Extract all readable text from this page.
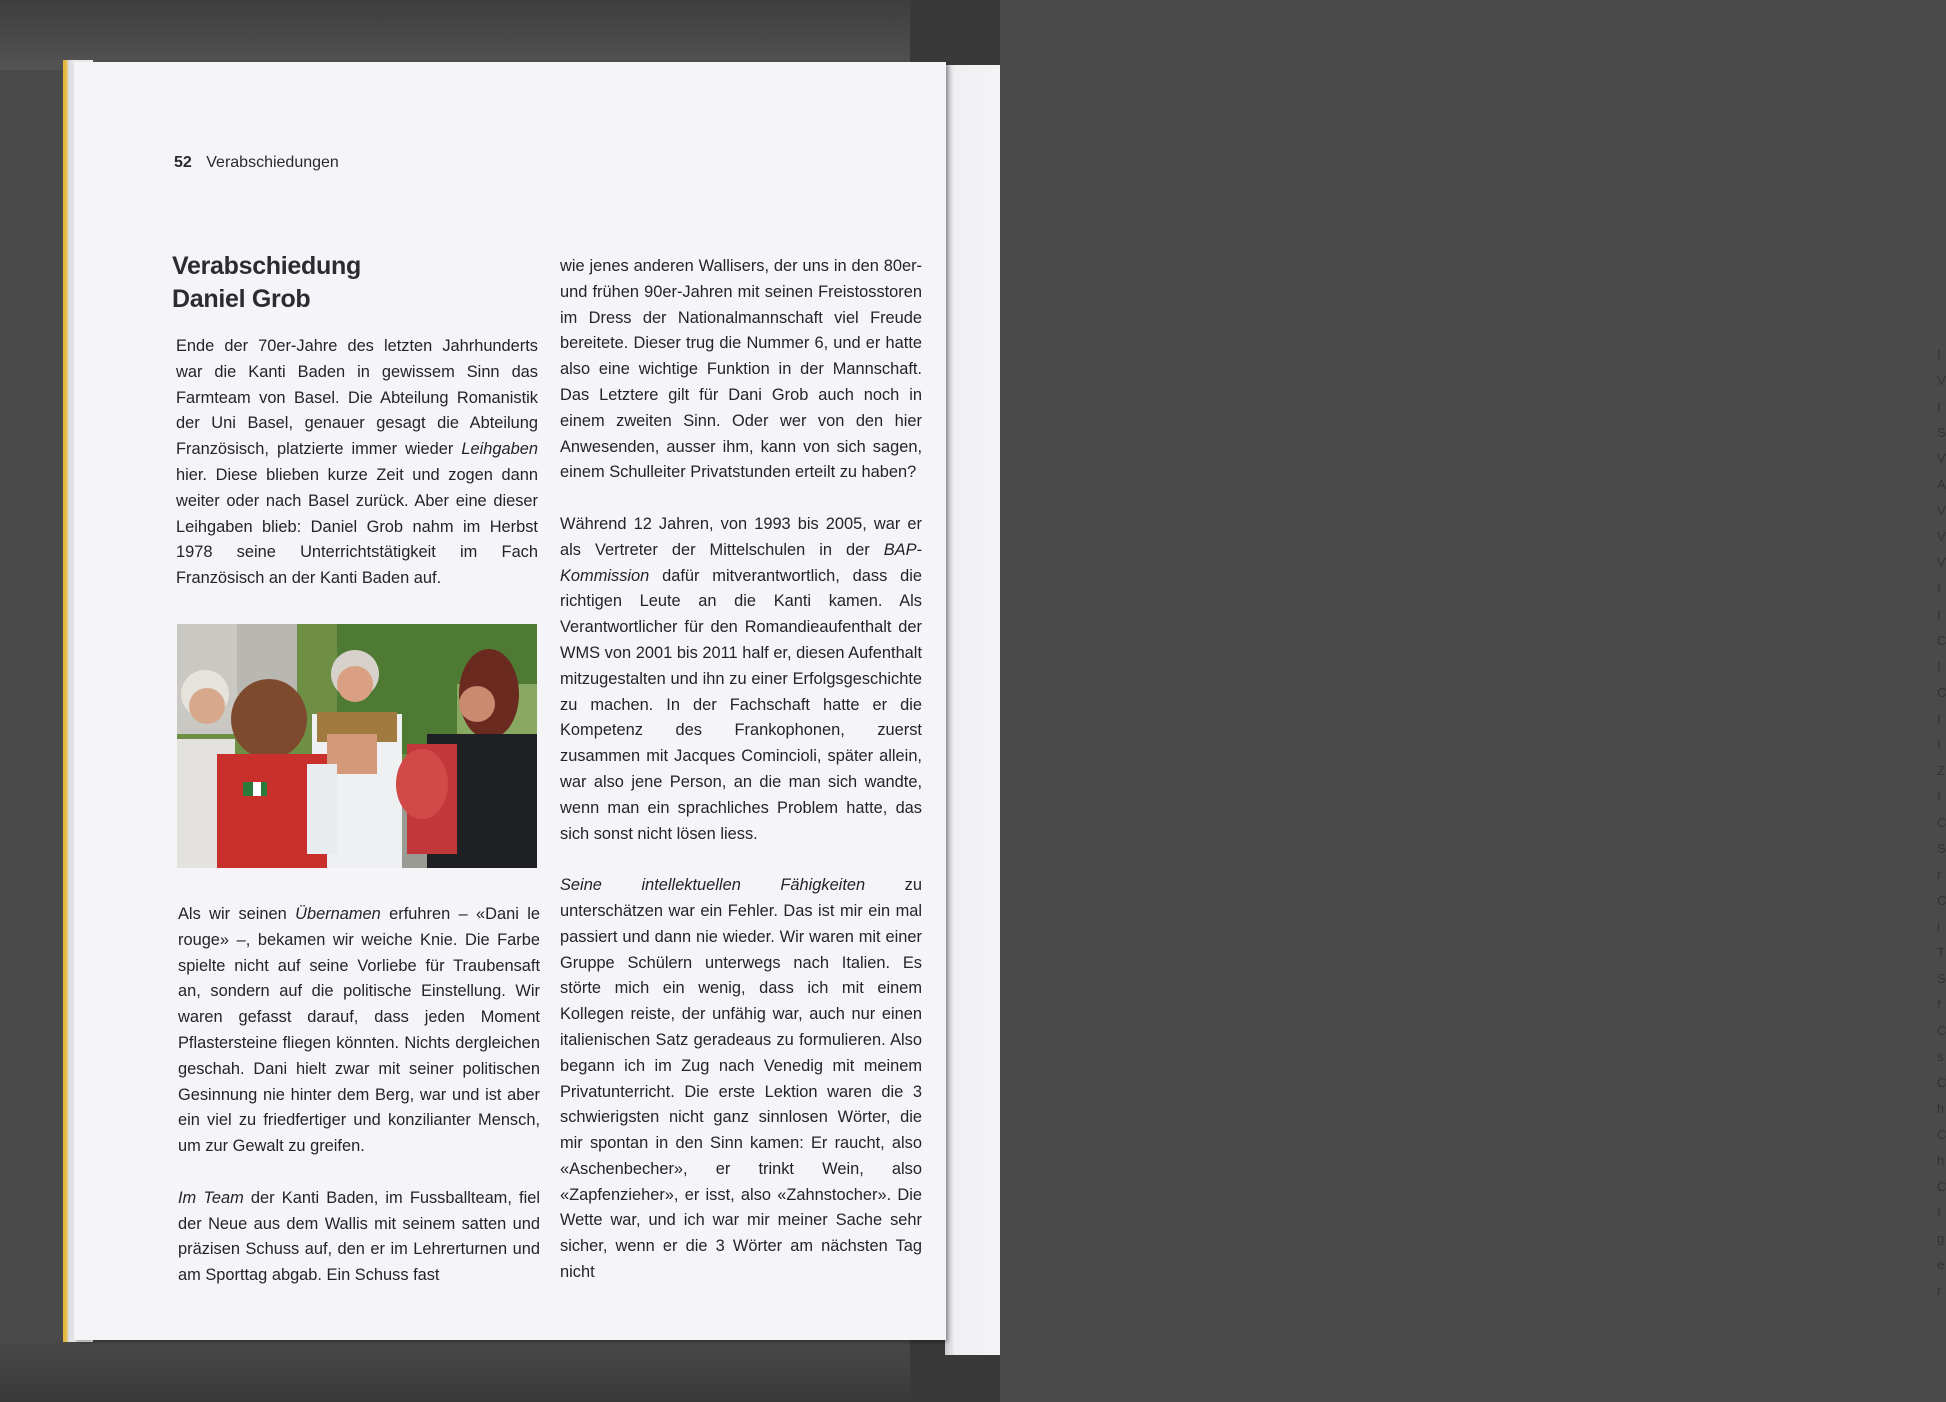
I
V
I
S
V
A
V
V
V
I
I
C
I
C
I
I
Z
I
C
S
r
C
i
T
S
f
C
s
C
h
C
h
C
I
g
e
r
52 Verabschiedungen
Verabschiedung
Daniel Grob

Ende der 70er-Jahre des letzten Jahrhunderts war die Kanti Baden in gewissem Sinn das Farmteam von Basel. Die Abteilung Romanistik der Uni Basel, genauer gesagt die Abteilung Französisch, platzierte immer wieder Leihgaben hier. Diese blieben kurze Zeit und zogen dann weiter oder nach Basel zurück. Aber eine dieser Leihgaben blieb: Daniel Grob nahm im Herbst 1978 seine Unterrichtstätigkeit im Fach Französisch an der Kanti Baden auf.

Als wir seinen Übernamen erfuhren – «Dani le rouge» –, bekamen wir weiche Knie. Die Farbe spielte nicht auf seine Vorliebe für Traubensaft an, sondern auf die politische Einstellung. Wir waren gefasst darauf, dass jeden Moment Pflastersteine fliegen könnten. Nichts dergleichen geschah. Dani hielt zwar mit seiner politischen Gesinnung nie hinter dem Berg, war und ist aber ein viel zu friedfertiger und konzilianter Mensch, um zur Gewalt zu greifen.

Im Team der Kanti Baden, im Fussballteam, fiel der Neue aus dem Wallis mit seinem satten und präzisen Schuss auf, den er im Lehrerturnen und am Sporttag abgab. Ein Schuss fast

wie jenes anderen Wallisers, der uns in den 80er- und frühen 90er-Jahren mit seinen Freistosstoren im Dress der Nationalmannschaft viel Freude bereitete. Dieser trug die Nummer 6, und er hatte also eine wichtige Funktion in der Mannschaft. Das Letztere gilt für Dani Grob auch noch in einem zweiten Sinn. Oder wer von den hier Anwesenden, ausser ihm, kann von sich sagen, einem Schulleiter Privatstunden erteilt zu haben?

Während 12 Jahren, von 1993 bis 2005, war er als Vertreter der Mittelschulen in der BAP-Kommission dafür mitverantwortlich, dass die richtigen Leute an die Kanti kamen. Als Verantwortlicher für den Romandieaufenthalt der WMS von 2001 bis 2011 half er, diesen Aufenthalt mitzugestalten und ihn zu einer Erfolgsgeschichte zu machen. In der Fachschaft hatte er die Kompetenz des Frankophonen, zuerst zusammen mit Jacques Comincioli, später allein, war also jene Person, an die man sich wandte, wenn man ein sprachliches Problem hatte, das sich sonst nicht lösen liess.

Seine intellektuellen Fähigkeiten zu unterschätzen war ein Fehler. Das ist mir ein mal passiert und dann nie wieder. Wir waren mit einer Gruppe Schülern unterwegs nach Italien. Es störte mich ein wenig, dass ich mit einem Kollegen reiste, der unfähig war, auch nur einen italienischen Satz geradeaus zu formulieren. Also begann ich im Zug nach Venedig mit meinem Privatunterricht. Die erste Lektion waren die 3 schwierigsten nicht ganz sinnlosen Wörter, die mir spontan in den Sinn kamen: Er raucht, also «Aschenbecher», er trinkt Wein, also «Zapfenzieher», er isst, also «Zahnstocher». Die Wette war, und ich war mir meiner Sache sehr sicher, wenn er die 3 Wörter am nächsten Tag nicht
